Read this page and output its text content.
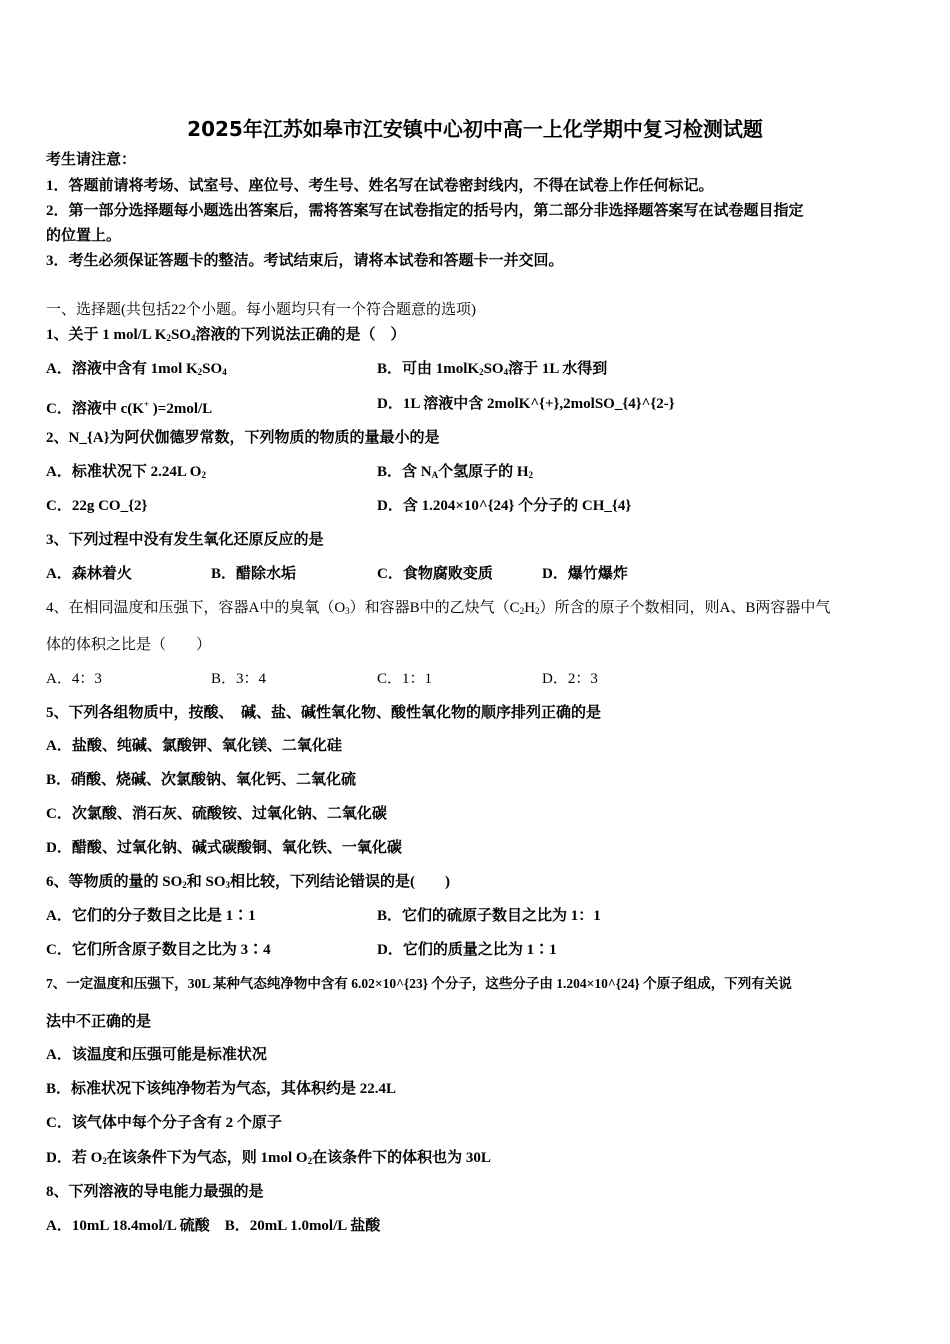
2025年江苏如皋市江安镇中心初中高一上化学期中复习检测试题
考生请注意：
1．答题前请将考场、试室号、座位号、考生号、姓名写在试卷密封线内，不得在试卷上作任何标记。
2．第一部分选择题每小题选出答案后，需将答案写在试卷指定的括号内，第二部分非选择题答案写在试卷题目指定
的位置上。
3．考生必须保证答题卡的整洁。考试结束后，请将本试卷和答题卡一并交回。
一、选择题(共包括22个小题。每小题均只有一个符合题意的选项)
1、关于 1 mol/L $K_2SO_4$溶液的下列说法正确的是（　）
A．溶液中含有 1mol $K_2SO_4$	B．可由 $1molK_2SO_4$溶于 1L 水得到
C．溶液中 c(K+ )=2mol/L	D．1L 溶液中含 2molK^{+},2molSO_{4}^{2-}
2、N_{A}为阿伏伽德罗常数，下列物质的物质的量最小的是
A．标准状况下 2.24L $O_2$	B．含 $N_A$个氢原子的 $H_2$
C．22g CO_{2}	D．含 1.204×10^{24} 个分子的 CH_{4}
3、下列过程中没有发生氧化还原反应的是
A．森林着火	B．醋除水垢	C．食物腐败变质	D．爆竹爆炸
4、在相同温度和压强下，容器A中的臭氧$(O_3)$和容器B中的乙炔气$(C_2H_2)$所含的原子个数相同，则A、B两容器中气
体的体积之比是（　　）
A．4：3	B．3：4	C．1：1	D．2：3
5、下列各组物质中，按酸、　碱、盐、碱性氧化物、酸性氧化物的顺序排列正确的是
A．盐酸、纯碱、氯酸钾、氧化镁、二氧化硅
B．硝酸、烧碱、次氯酸钠、氧化钙、二氧化硫
C．次氯酸、消石灰、硫酸铵、过氧化钠、二氧化碳
D．醋酸、过氧化钠、碱式碳酸铜、氧化铁、一氧化碳
6、等物质的量的 $SO_2$和 $SO_3$相比较，下列结论错误的是(　　)
A．它们的分子数目之比是 1∶1	B．它们的硫原子数目之比为 1：1
C．它们所含原子数目之比为 3∶4	D．它们的质量之比为 1∶1
7、一定温度和压强下，30L 某种气态纯净物中含有 6.02×10^{23} 个分子，这些分子由 1.204×10^{24} 个原子组成，下列有关说
法中不正确的是
A．该温度和压强可能是标准状况
B．标准状况下该纯净物若为气态，其体积约是 22.4L
C．该气体中每个分子含有 2 个原子
D．若 $O_2$在该条件下为气态，则 1mol $O_2$在该条件下的体积也为 30L
8、下列溶液的导电能力最强的是
A．10mL 18.4mol/L 硫酸　B．20mL 1.0mol/L 盐酸
